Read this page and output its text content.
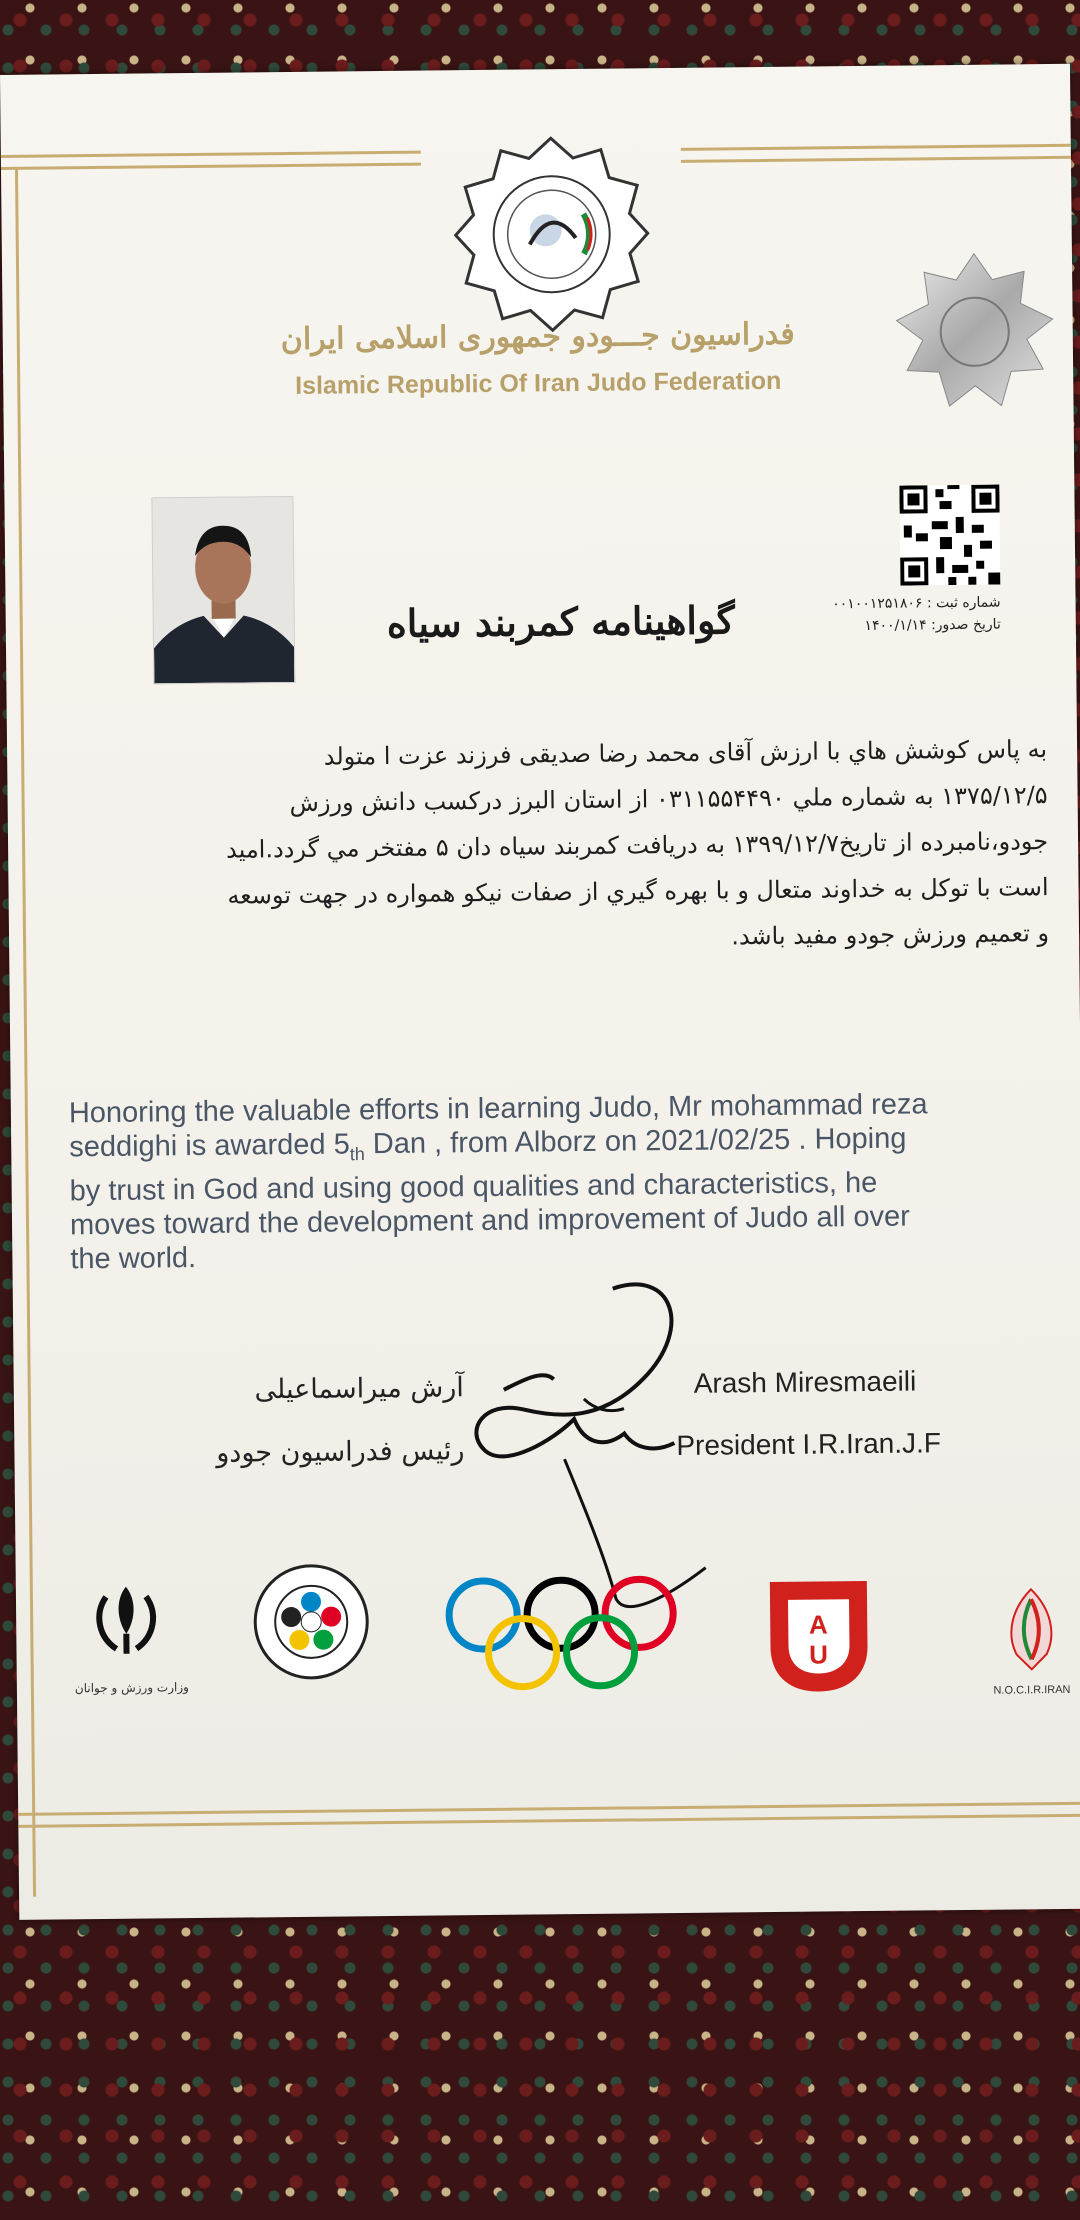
فدراسیون جـــودو جمهوری اسلامی ایران
Islamic Republic Of Iran Judo Federation
شماره ثبت : ۰۰۱۰۰۱۲۵۱۸۰۶
تاریخ صدور: ۱۴۰۰/۱/۱۴
گواهینامه کمربند سیاه
به پاس کوشش هاي با ارزش آقای محمد رضا صديقی فرزند عزت ا متولد
۱۳۷۵/۱۲/۵ به شماره ملي ۰۳۱۱۵۵۴۴۹۰ از استان البرز درکسب دانش ورزش
جودو،نامبرده از تاریخ۱۳۹۹/۱۲/۷ به دریافت کمربند سیاه دان ۵ مفتخر مي گردد.امید
است با توکل به خداوند متعال و با بهره گيري از صفات نيكو همواره در جهت توسعه
و تعميم ورزش جودو مفيد باشد.
Honoring the valuable efforts in learning Judo, Mr mohammad reza
seddighi is awarded $5_{th}$ Dan , from Alborz on 2021/02/25 . Hoping
by trust in God and using good qualities and characteristics, he
moves toward the development and improvement of Judo all over
the world.
آرش میراسماعیلی
رئیس فدراسیون جودو
Arash Miresmaeili
President I.R.Iran.J.F
وزارت ورزش و جوانان
A
U
N.O.C.I.R.IRAN
